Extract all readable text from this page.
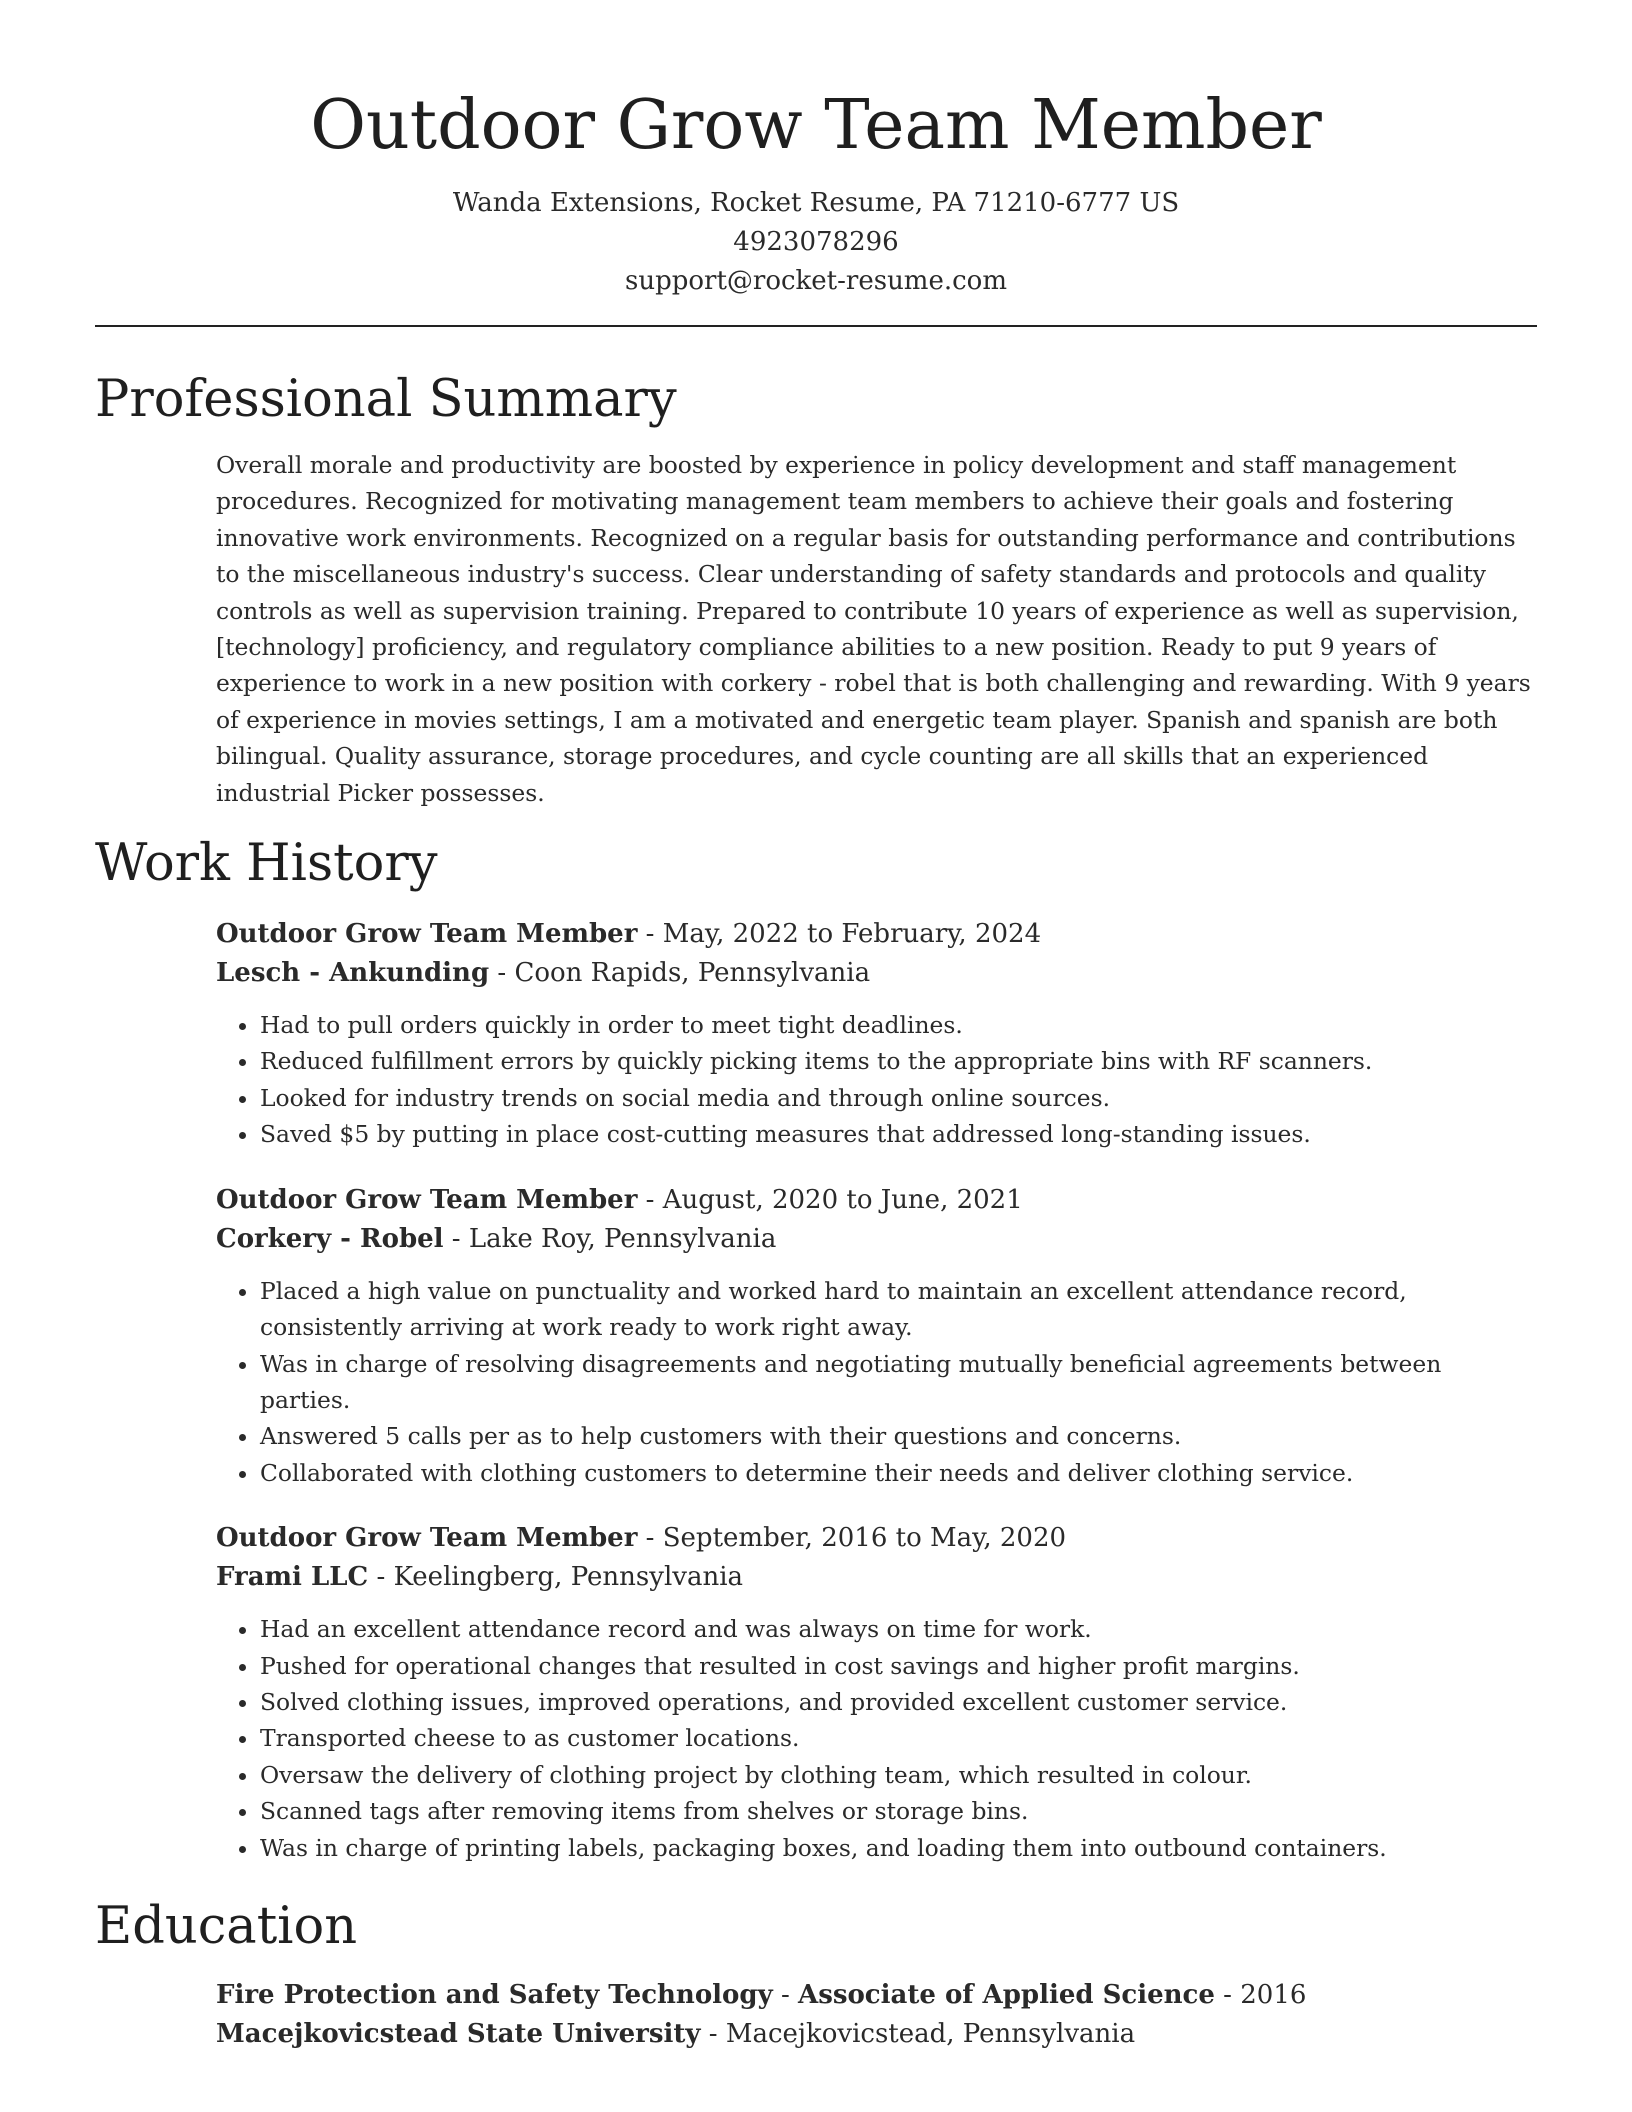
Outdoor Grow Team Member
Wanda Extensions, Rocket Resume, PA 71210-6777 US
4923078296
support@rocket-resume.com
Professional Summary
Overall morale and productivity are boosted by experience in policy development and staff management procedures. Recognized for motivating management team members to achieve their goals and fostering innovative work environments. Recognized on a regular basis for outstanding performance and contributions to the miscellaneous industry's success. Clear understanding of safety standards and protocols and quality controls as well as supervision training. Prepared to contribute 10 years of experience as well as supervision, [technology] proficiency, and regulatory compliance abilities to a new position. Ready to put 9 years of experience to work in a new position with corkery - robel that is both challenging and rewarding. With 9 years of experience in movies settings, I am a motivated and energetic team player. Spanish and spanish are both bilingual. Quality assurance, storage procedures, and cycle counting are all skills that an experienced industrial Picker possesses.
Work History
Outdoor Grow Team Member - May, 2022 to February, 2024
Lesch - Ankunding - Coon Rapids, Pennsylvania
• Had to pull orders quickly in order to meet tight deadlines.
• Reduced fulfillment errors by quickly picking items to the appropriate bins with RF scanners.
• Looked for industry trends on social media and through online sources.
• Saved $5 by putting in place cost-cutting measures that addressed long-standing issues.
Outdoor Grow Team Member - August, 2020 to June, 2021
Corkery - Robel - Lake Roy, Pennsylvania
• Placed a high value on punctuality and worked hard to maintain an excellent attendance record, consistently arriving at work ready to work right away.
• Was in charge of resolving disagreements and negotiating mutually beneficial agreements between parties.
• Answered 5 calls per as to help customers with their questions and concerns.
• Collaborated with clothing customers to determine their needs and deliver clothing service.
Outdoor Grow Team Member - September, 2016 to May, 2020
Frami LLC - Keelingberg, Pennsylvania
• Had an excellent attendance record and was always on time for work.
• Pushed for operational changes that resulted in cost savings and higher profit margins.
• Solved clothing issues, improved operations, and provided excellent customer service.
• Transported cheese to as customer locations.
• Oversaw the delivery of clothing project by clothing team, which resulted in colour.
• Scanned tags after removing items from shelves or storage bins.
• Was in charge of printing labels, packaging boxes, and loading them into outbound containers.
Education
Fire Protection and Safety Technology - Associate of Applied Science - 2016
Macejkovicstead State University - Macejkovicstead, Pennsylvania
